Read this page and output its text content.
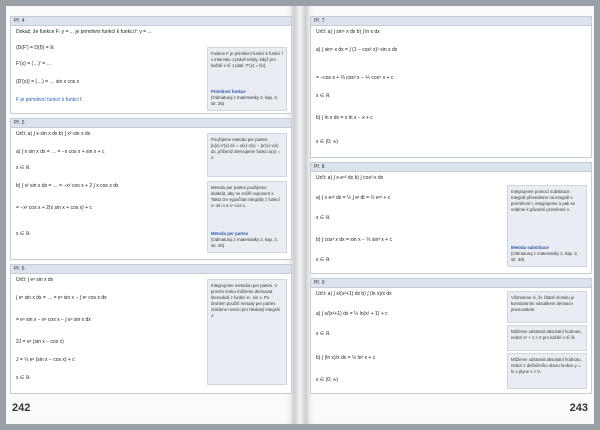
Př. 4
Dokaž, že funkce F: y = ... je primitivní funkcí k funkci f: y = ...
(D(F') = D(f)) = ℝ
F'(x) = (…)' = …
(D'(x)) = (…) = … sin x cos x
F je primitivní funkcí k funkci f.
Funkce F je primitivní funkcí k funkci f v intervalu J právě tehdy, když pro každé x ∈ J platí: F'(x) = f(x).
Primitivní funkce
(Odmaturuj z matematiky 2, kap. 3, str. 35)
Př. 5
Urči: a) ∫ x·sin x dx b) ∫ x²·sin x dx
a) ∫ x sin x dx = … = −x cos x + sin x + c
x ∈ ℝ
b) ∫ x² sin x dx = … = −x² cos x + 2 ∫ x cos x dx
= −x² cos x + 2(x sin x + cos x) + c
x ∈ ℝ
Použijeme metodu per partes: ∫u(x)·v'(x) dx = u(x)·v(x) − ∫u'(x)·v(x) dx, přičemž derivujeme funkci u(x) = x.
Metodu per partes použijeme dvakrát, aby se snížil exponent x. Takto lze vypočítat integrály z funkcí xⁿ·sin x a xⁿ·cos x.
Metoda per partes
(Odmaturuj z matematiky 2, kap. 3, str. 36)
Př. 6
Urči: ∫ eˣ sin x dx
∫ eˣ sin x dx = … = eˣ sin x − ∫ eˣ cos x dx
= eˣ sin x − eˣ cos x − ∫ eˣ sin x dx
2J = eˣ (sin x − cos x)
J = ½ eˣ (sin x − cos x) + c
x ∈ ℝ
Integrujeme metodou per partes. V prvním kroku můžeme derivovat kteroukoli z funkcí eˣ, sin x. Po druhém použití metody per partes získáme rovnici pro hledaný integrál J.
242
Př. 7
Urči: a) ∫ sin⁵ x dx b) ∫ ln x dx
a) ∫ sin⁵ x dx = ∫ (1 − cos² x)² sin x dx
= −cos x + ⅔ cos³ x − ⅕ cos⁵ x + c
x ∈ ℝ
b) ∫ ln x dx = x ln x − x + c
x ∈ (0; ∞)
Př. 8
Urči: a) ∫ x·eˣ² dx b) ∫ cos³ x dx
a) ∫ x eˣ² dx = ½ ∫ eᵗ dt = ½ eˣ² + c
x ∈ ℝ
b) ∫ cos³ x dx = sin x − ⅓ sin³ x + c
x ∈ ℝ
Integrujeme pomocí substituce. Integrál převedeme na integrál v proměnné t, integrujeme a pak se vrátíme k původní proměnné x.
Metoda substituce
(Odmaturuj z matematiky 2, kap. 3, str. 38)
Př. 9
Urči: a) ∫ x/(x²+1) dx b) ∫ (ln x)/x dx
a) ∫ x/(x²+1) dx = ½ ln(x² + 1) + c
x ∈ ℝ
b) ∫ (ln x)/x dx = ½ ln² x + c
x ∈ (0; ∞)
Všimneme si, že čitatel zlomku je konstantním násobkem derivace jmenovatele.
Můžeme odstranit absolutní hodnotu, neboť x² + 1 > 0 pro každé x ∈ ℝ.
Můžeme odstranit absolutní hodnotu, neboť z definičního oboru funkce y = ln x plyne x > 0.
243
